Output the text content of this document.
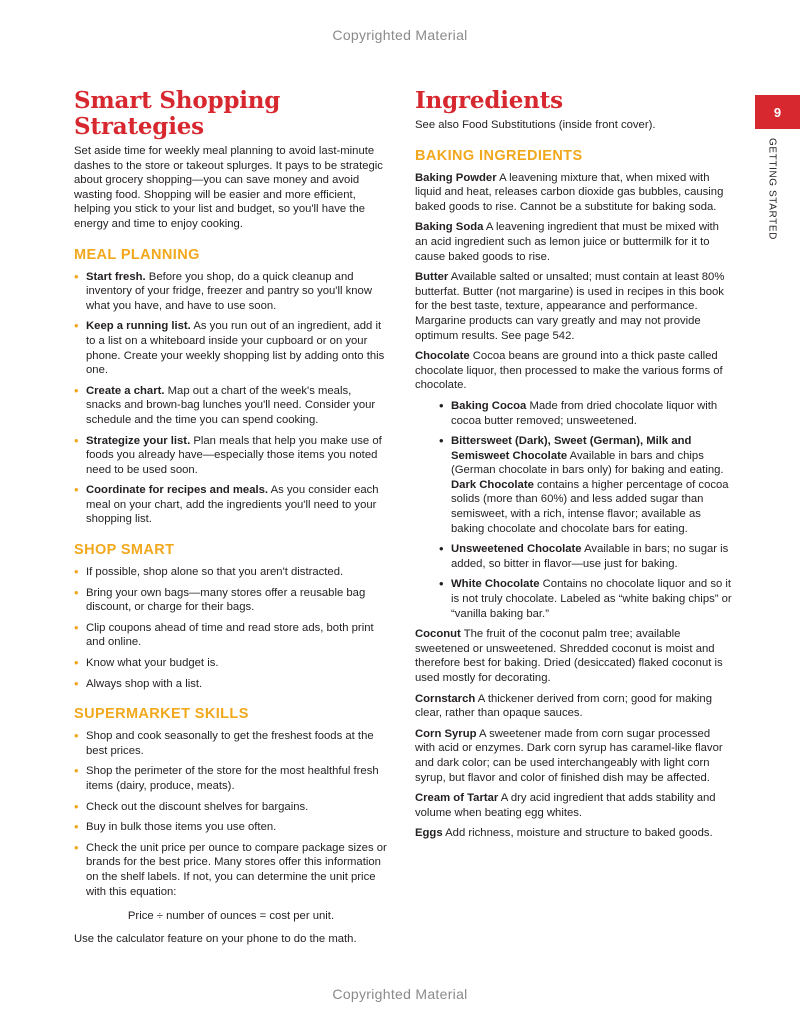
Copyrighted Material
9
GETTING STARTED
Smart Shopping Strategies

Set aside time for weekly meal planning to avoid last-minute dashes to the store or takeout splurges. It pays to be strategic about grocery shopping—you can save money and avoid wasting food. Shopping will be easier and more efficient, helping you stick to your list and budget, so you'll have the energy and time to enjoy cooking.

MEAL PLANNING
• Start fresh. Before you shop, do a quick cleanup and inventory of your fridge, freezer and pantry so you'll know what you have, and have to use soon.
• Keep a running list. As you run out of an ingredient, add it to a list on a whiteboard inside your cupboard or on your phone. Create your weekly shopping list by adding onto this one.
• Create a chart. Map out a chart of the week's meals, snacks and brown-bag lunches you'll need. Consider your schedule and the time you can spend cooking.
• Strategize your list. Plan meals that help you make use of foods you already have—especially those items you noted need to be used soon.
• Coordinate for recipes and meals. As you consider each meal on your chart, add the ingredients you'll need to your shopping list.
SHOP SMART
• If possible, shop alone so that you aren't distracted.
• Bring your own bags—many stores offer a reusable bag discount, or charge for their bags.
• Clip coupons ahead of time and read store ads, both print and online.
• Know what your budget is.
• Always shop with a list.
SUPERMARKET SKILLS
• Shop and cook seasonally to get the freshest foods at the best prices.
• Shop the perimeter of the store for the most healthful fresh items (dairy, produce, meats).
• Check out the discount shelves for bargains.
• Buy in bulk those items you use often.
• Check the unit price per ounce to compare package sizes or brands for the best price. Many stores offer this information on the shelf labels. If not, you can determine the unit price with this equation:
Price ÷ number of ounces = cost per unit.

Use the calculator feature on your phone to do the math.

Ingredients

See also Food Substitutions (inside front cover).

BAKING INGREDIENTS

Baking Powder A leavening mixture that, when mixed with liquid and heat, releases carbon dioxide gas bubbles, causing baked goods to rise. Cannot be a substitute for baking soda.

Baking Soda A leavening ingredient that must be mixed with an acid ingredient such as lemon juice or buttermilk for it to cause baked goods to rise.

Butter Available salted or unsalted; must contain at least 80% butterfat. Butter (not margarine) is used in recipes in this book for the best taste, texture, appearance and performance. Margarine products can vary greatly and may not provide optimum results. See page 542.

Chocolate Cocoa beans are ground into a thick paste called chocolate liquor, then processed to make the various forms of chocolate.

• Baking Cocoa Made from dried chocolate liquor with cocoa butter removed; unsweetened.
• Bittersweet (Dark), Sweet (German), Milk and Semisweet Chocolate Available in bars and chips (German chocolate in bars only) for baking and eating. Dark Chocolate contains a higher percentage of cocoa solids (more than 60%) and less added sugar than semisweet, with a rich, intense flavor; available as baking chocolate and chocolate bars for eating.
• Unsweetened Chocolate Available in bars; no sugar is added, so bitter in flavor—use just for baking.
• White Chocolate Contains no chocolate liquor and so it is not truly chocolate. Labeled as “white baking chips” or “vanilla baking bar.”

Coconut The fruit of the coconut palm tree; available sweetened or unsweetened. Shredded coconut is moist and therefore best for baking. Dried (desiccated) flaked coconut is used mostly for decorating.

Cornstarch A thickener derived from corn; good for making clear, rather than opaque sauces.

Corn Syrup A sweetener made from corn sugar processed with acid or enzymes. Dark corn syrup has caramel-like flavor and dark color; can be used interchangeably with light corn syrup, but flavor and color of finished dish may be affected.

Cream of Tartar A dry acid ingredient that adds stability and volume when beating egg whites.

Eggs Add richness, moisture and structure to baked goods.

Copyrighted Material
